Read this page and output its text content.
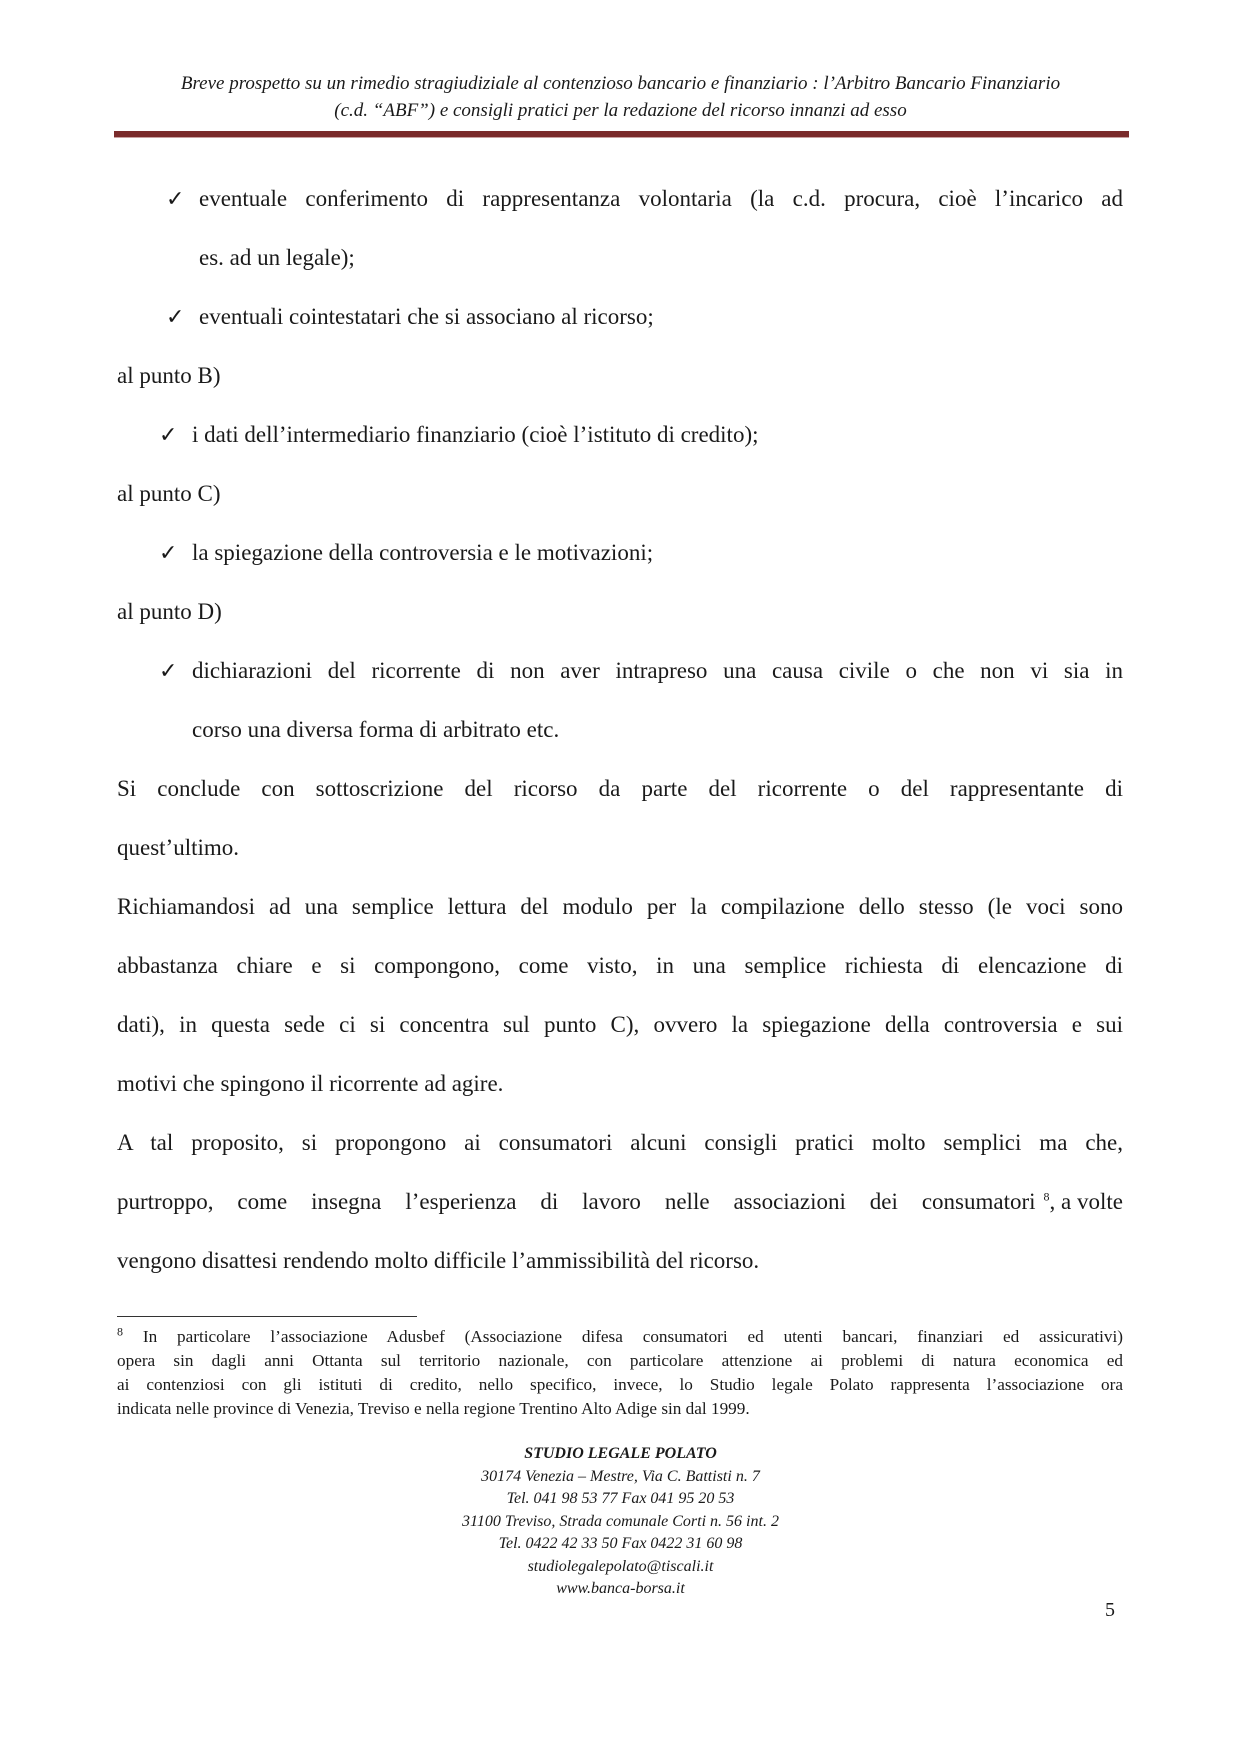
Breve prospetto su un rimedio stragiudiziale al contenzioso bancario e finanziario : l’Arbitro Bancario Finanziario
(c.d. “ABF”) e consigli pratici per la redazione del ricorso innanzi ad esso
✓ eventuale conferimento di rappresentanza volontaria (la c.d. procura, cioè l’incarico ad
es. ad un legale);
✓ eventuali cointestatari che si associano al ricorso;
al punto B)
✓ i dati dell’intermediario finanziario (cioè l’istituto di credito);
al punto C)
✓ la spiegazione della controversia e le motivazioni;
al punto D)
✓ dichiarazioni del ricorrente di non aver intrapreso una causa civile o che non vi sia in
corso una diversa forma di arbitrato etc.
Si conclude con sottoscrizione del ricorso da parte del ricorrente o del rappresentante di
quest’ultimo.
Richiamandosi ad una semplice lettura del modulo per la compilazione dello stesso (le voci sono
abbastanza chiare e si compongono, come visto, in una semplice richiesta di elencazione di
dati), in questa sede ci si concentra sul punto C), ovvero la spiegazione della controversia e sui
motivi che spingono il ricorrente ad agire.
A tal proposito, si propongono ai consumatori alcuni consigli pratici molto semplici ma che,
purtroppo, come insegna l’esperienza di lavoro nelle associazioni dei consumatori $^8$, a volte
vengono disattesi rendendo molto difficile l’ammissibilità del ricorso.
$^8$ In particolare l’associazione Adusbef (Associazione difesa consumatori ed utenti bancari, finanziari ed assicurativi)
opera sin dagli anni Ottanta sul territorio nazionale, con particolare attenzione ai problemi di natura economica ed
ai contenziosi con gli istituti di credito, nello specifico, invece, lo Studio legale Polato rappresenta l’associazione ora
indicata nelle province di Venezia, Treviso e nella regione Trentino Alto Adige sin dal 1999.
STUDIO LEGALE POLATO
30174 Venezia – Mestre, Via C. Battisti n. 7
Tel. 041 98 53 77 Fax 041 95 20 53
31100 Treviso, Strada comunale Corti n. 56 int. 2
Tel. 0422 42 33 50 Fax 0422 31 60 98
studiolegalepolato@tiscali.it
www.banca-borsa.it
5
